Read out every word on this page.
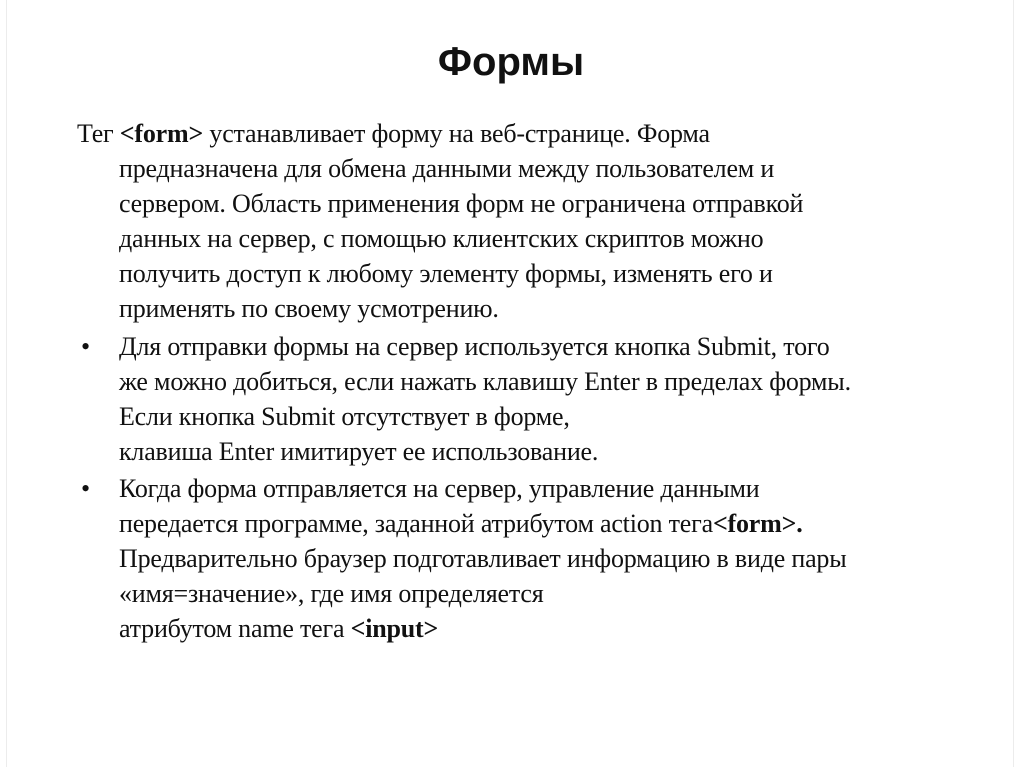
Формы
Тег <form> устанавливает форму на веб-странице. Форма
предназначена для обмена данными между пользователем и
сервером. Область применения форм не ограничена отправкой
данных на сервер, с помощью клиентских скриптов можно
получить доступ к любому элементу формы, изменять его и
применять по своему усмотрению.
• Для отправки формы на сервер используется кнопка Submit, того
же можно добиться, если нажать клавишу Enter в пределах формы.
Если кнопка Submit отсутствует в форме,
клавиша Enter имитирует ее использование.
• Когда форма отправляется на сервер, управление данными
передается программе, заданной атрибутом action тега<form>.
Предварительно браузер подготавливает информацию в виде пары
«имя=значение», где имя определяется
атрибутом name тега <input>
